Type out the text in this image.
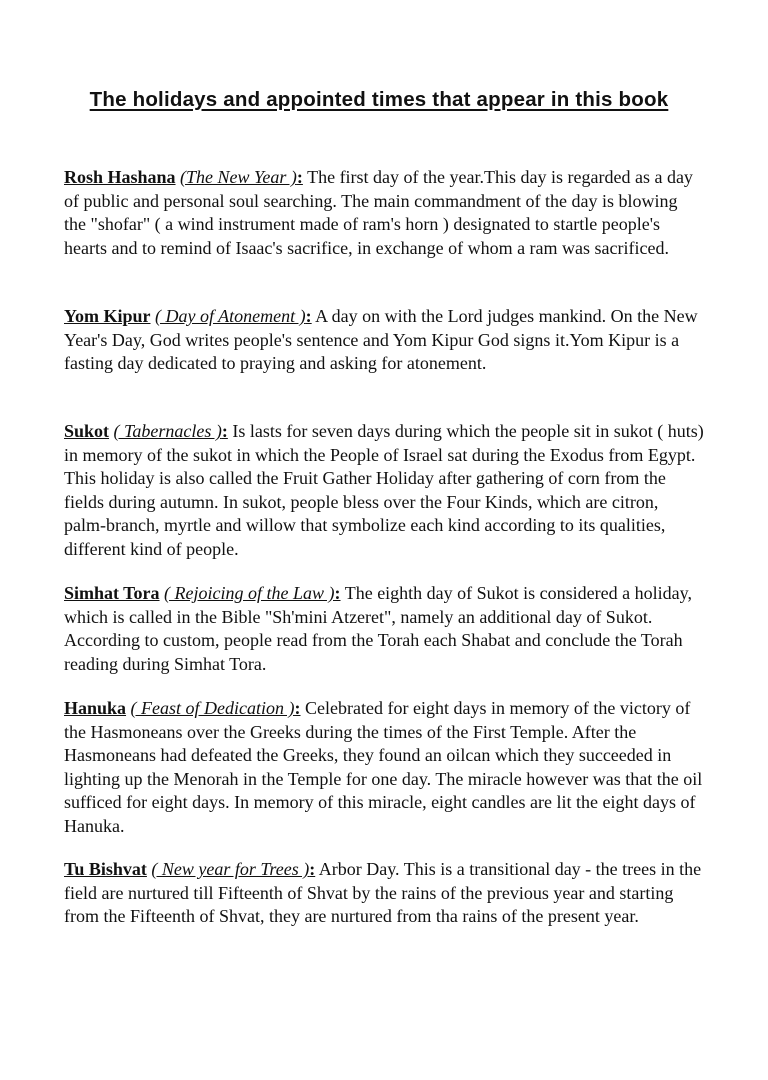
The holidays and appointed times that appear in this book

Rosh Hashana (The New Year ): The first day of the year.This day is regarded as a day of public and personal soul searching. The main commandment of the day is blowing the "shofar" ( a wind instrument made of ram's horn ) designated to startle people's hearts and to remind of Isaac's sacrifice, in exchange of whom a ram was sacrificed.

Yom Kipur ( Day of Atonement ): A day on with the Lord judges mankind. On the New Year's Day, God writes people's sentence and Yom Kipur God signs it.Yom Kipur is a fasting day dedicated to praying and asking for atonement.

Sukot ( Tabernacles ): Is lasts for seven days during which the people sit in sukot ( huts) in memory of the sukot in which the People of Israel sat during the Exodus from Egypt. This holiday is also called the Fruit Gather Holiday after gathering of corn from the fields during autumn. In sukot, people bless over the Four Kinds, which are citron, palm-branch, myrtle and willow that symbolize each kind according to its qualities, different kind of people.

Simhat Tora ( Rejoicing of the Law ): The eighth day of Sukot is considered a holiday, which is called in the Bible "Sh'mini Atzeret", namely an additional day of Sukot. According to custom, people read from the Torah each Shabat and conclude the Torah reading during Simhat Tora.

Hanuka ( Feast of Dedication ): Celebrated for eight days in memory of the victory of the Hasmoneans over the Greeks during the times of the First Temple. After the Hasmoneans had defeated the Greeks, they found an oilcan which they succeeded in lighting up the Menorah in the Temple for one day. The miracle however was that the oil sufficed for eight days. In memory of this miracle, eight candles are lit the eight days of Hanuka.

Tu Bishvat ( New year for Trees ): Arbor Day. This is a transitional day - the trees in the field are nurtured till Fifteenth of Shvat by the rains of the previous year and starting from the Fifteenth of Shvat, they are nurtured from tha rains of the present year.
